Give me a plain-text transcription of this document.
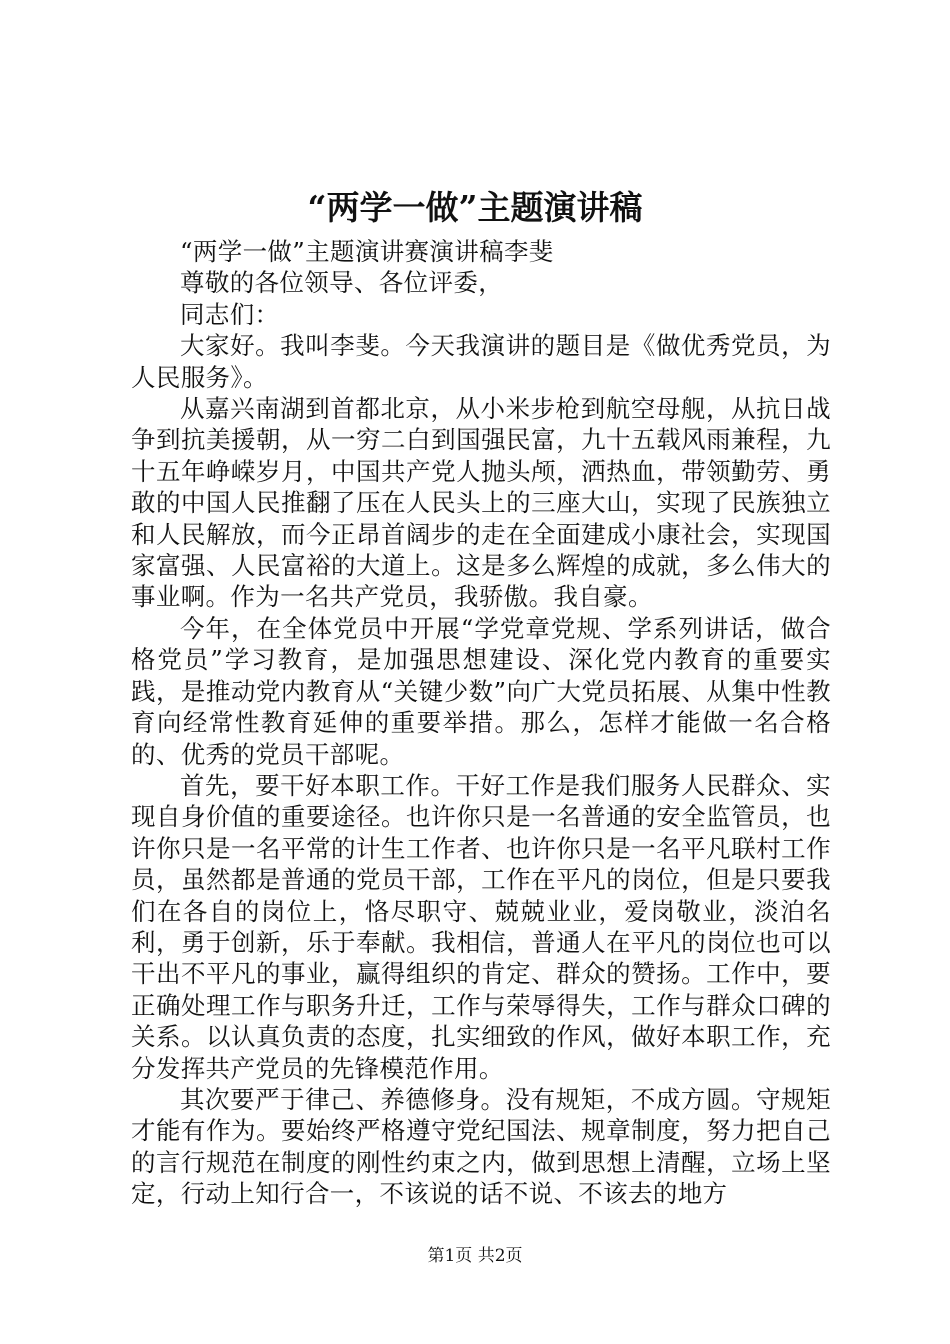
“两学一做”主题演讲稿

“两学一做”主题演讲赛演讲稿李斐

尊敬的各位领导、各位评委，

同志们：

大家好。我叫李斐。今天我演讲的题目是《做优秀党员，为人民服务》。

从嘉兴南湖到首都北京，从小米步枪到航空母舰，从抗日战争到抗美援朝，从一穷二白到国强民富，九十五载风雨兼程，九十五年峥嵘岁月，中国共产党人抛头颅，洒热血，带领勤劳、勇敢的中国人民推翻了压在人民头上的三座大山，实现了民族独立和人民解放，而今正昂首阔步的走在全面建成小康社会，实现国家富强、人民富裕的大道上。这是多么辉煌的成就，多么伟大的事业啊。作为一名共产党员，我骄傲。我自豪。

今年，在全体党员中开展“学党章党规、学系列讲话，做合格党员”学习教育，是加强思想建设、深化党内教育的重要实践，是推动党内教育从“关键少数”向广大党员拓展、从集中性教育向经常性教育延伸的重要举措。那么，怎样才能做一名合格的、优秀的党员干部呢。

首先，要干好本职工作。干好工作是我们服务人民群众、实现自身价值的重要途径。也许你只是一名普通的安全监管员，也许你只是一名平常的计生工作者、也许你只是一名平凡联村工作员，虽然都是普通的党员干部，工作在平凡的岗位，但是只要我们在各自的岗位上，恪尽职守、兢兢业业，爱岗敬业，淡泊名利，勇于创新，乐于奉献。我相信，普通人在平凡的岗位也可以干出不平凡的事业，赢得组织的肯定、群众的赞扬。工作中，要正确处理工作与职务升迁，工作与荣辱得失，工作与群众口碑的关系。以认真负责的态度，扎实细致的作风，做好本职工作，充分发挥共产党员的先锋模范作用。

其次要严于律己、养德修身。没有规矩，不成方圆。守规矩才能有作为。要始终严格遵守党纪国法、规章制度，努力把自己的言行规范在制度的刚性约束之内，做到思想上清醒，立场上坚定，行动上知行合一，不该说的话不说、不该去的地方

第1页 共2页
